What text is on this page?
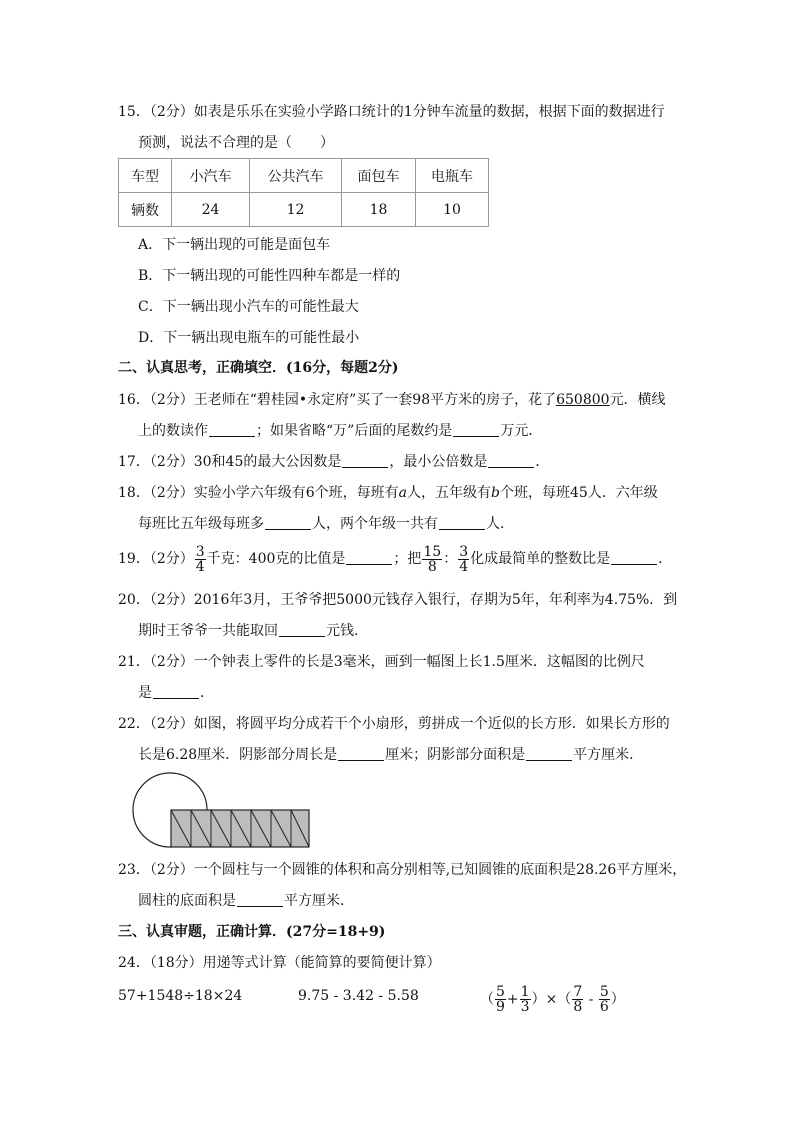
15．（2分）如表是乐乐在实验小学路口统计的1分钟车流量的数据，根据下面的数据进行
预测，说法不合理的是（　　）
车型	小汽车	公共汽车	面包车	电瓶车
辆数	24	12	18	10
A．下一辆出现的可能是面包车
B．下一辆出现的可能性四种车都是一样的
C．下一辆出现小汽车的可能性最大
D．下一辆出现电瓶车的可能性最小
二、认真思考，正确填空．(16分，每题2分)
16．（2分）王老师在“碧桂园•永定府”买了一套98平方米的房子，花了650800元．横线
上的数读作	；如果省略“万”后面的尾数约是	万元．
17．（2分）30和45的最大公因数是	，最小公倍数是	．
18．（2分）实验小学六年级有6个班，每班有a人，五年级有b个班，每班45人．六年级
每班比五年级每班多	人，两个年级一共有	人．
19．（2分） $\frac{3}{4}$ 千克：400克的比值是	；把 $\frac{15}{8}$ ： $\frac{3}{4}$ 化成最简单的整数比是	．
20．（2分）2016年3月，王爷爷把5000元钱存入银行，存期为5年，年利率为4.75%．到
期时王爷爷一共能取回	元钱．
21．（2分）一个钟表上零件的长是3毫米，画到一幅图上长1.5厘米．这幅图的比例尺
是	．
22．（2分）如图，将圆平均分成若干个小扇形，剪拼成一个近似的长方形．如果长方形的
长是6.28厘米．阴影部分周长是	厘米；阴影部分面积是	平方厘米．
23．（2分）一个圆柱与一个圆锥的体积和高分别相等,已知圆锥的底面积是28.26平方厘米，
圆柱的底面积是	平方厘米．
三、认真审题，正确计算．(27分=18+9)
24．（18分）用递等式计算（能简算的要简便计算）
57+1548÷18×24	9.75 - 3.42 - 5.58	（ $\frac{5}{9} + \frac{1}{3}$ ）×（ $\frac{7}{8} - \frac{5}{6}$ ）
